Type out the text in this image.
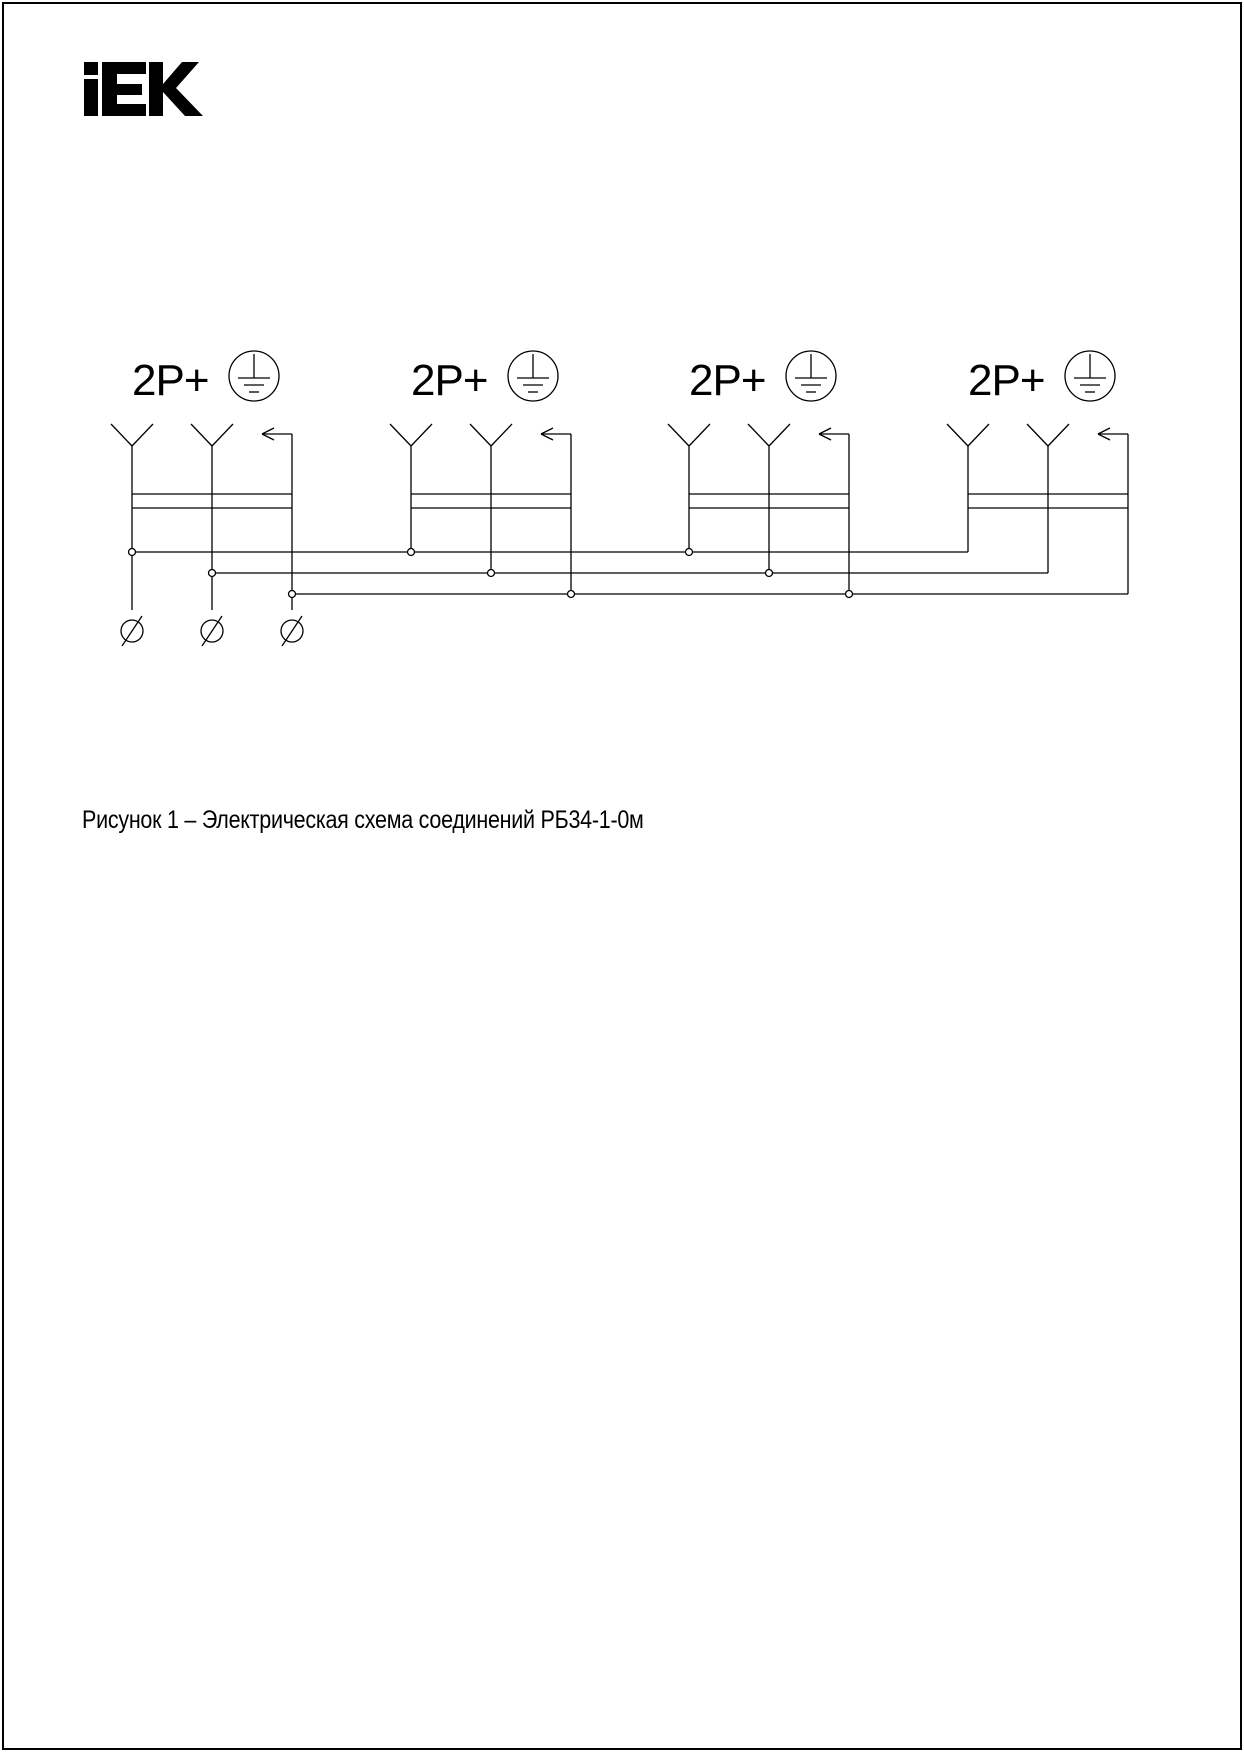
2P+	2P+	2P+	2P+
Рисунок 1 – Электрическая схема соединений РБ34-1-0м
